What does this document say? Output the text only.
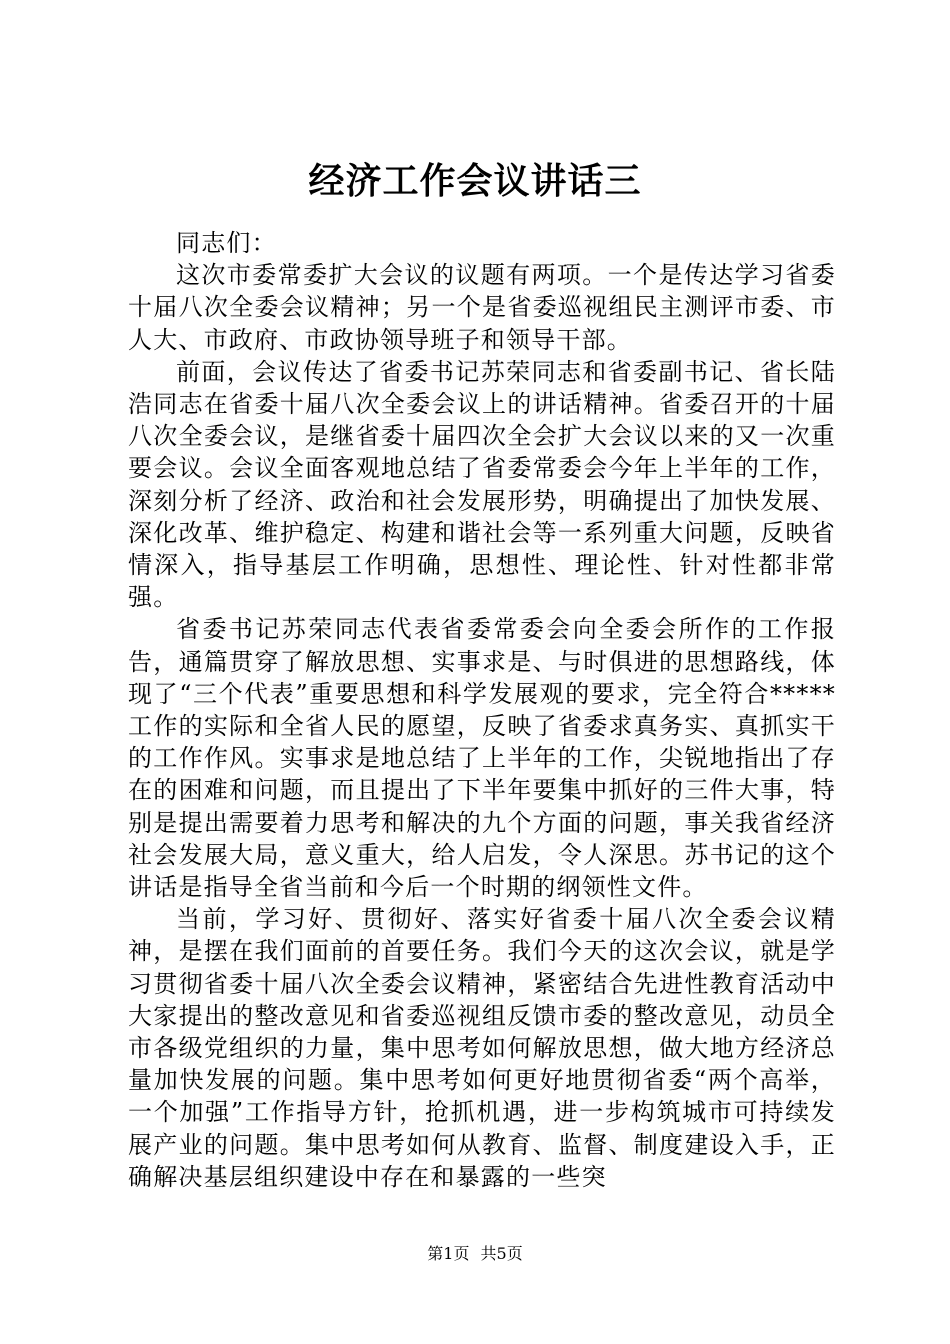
经济工作会议讲话三

同志们：

这次市委常委扩大会议的议题有两项。一个是传达学习省委十届八次全委会议精神；另一个是省委巡视组民主测评市委、市人大、市政府、市政协领导班子和领导干部。

前面，会议传达了省委书记苏荣同志和省委副书记、省长陆浩同志在省委十届八次全委会议上的讲话精神。省委召开的十届八次全委会议，是继省委十届四次全会扩大会议以来的又一次重要会议。会议全面客观地总结了省委常委会今年上半年的工作，深刻分析了经济、政治和社会发展形势，明确提出了加快发展、深化改革、维护稳定、构建和谐社会等一系列重大问题，反映省情深入，指导基层工作明确，思想性、理论性、针对性都非常强。

省委书记苏荣同志代表省委常委会向全委会所作的工作报告，通篇贯穿了解放思想、实事求是、与时俱进的思想路线，体现了“三个代表”重要思想和科学发展观的要求，完全符合*****工作的实际和全省人民的愿望，反映了省委求真务实、真抓实干的工作作风。实事求是地总结了上半年的工作，尖锐地指出了存在的困难和问题，而且提出了下半年要集中抓好的三件大事，特别是提出需要着力思考和解决的九个方面的问题，事关我省经济社会发展大局，意义重大，给人启发，令人深思。苏书记的这个讲话是指导全省当前和今后一个时期的纲领性文件。

当前，学习好、贯彻好、落实好省委十届八次全委会议精神，是摆在我们面前的首要任务。我们今天的这次会议，就是学习贯彻省委十届八次全委会议精神，紧密结合先进性教育活动中大家提出的整改意见和省委巡视组反馈市委的整改意见，动员全市各级党组织的力量，集中思考如何解放思想，做大地方经济总量加快发展的问题。集中思考如何更好地贯彻省委“两个高举，一个加强”工作指导方针，抢抓机遇，进一步构筑城市可持续发展产业的问题。集中思考如何从教育、监督、制度建设入手，正确解决基层组织建设中存在和暴露的一些突

第1页 共5页
